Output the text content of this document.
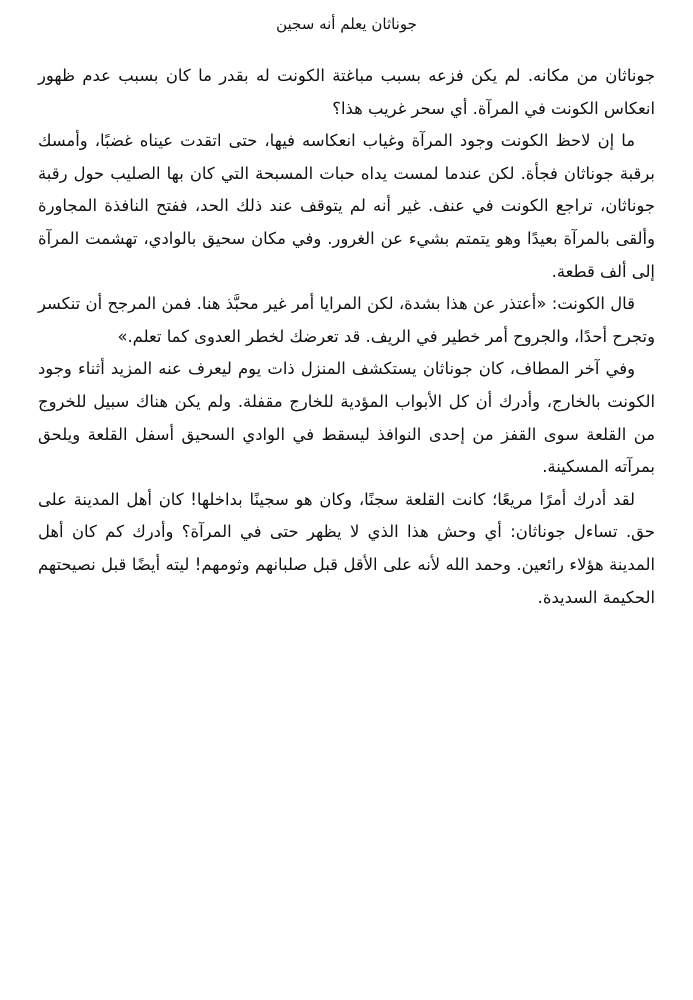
جوناثان يعلم أنه سجين

جوناثان من مكانه. لم يكن فزعه بسبب مباغتة الكونت له بقدر ما كان بسبب عدم ظهور انعكاس الكونت في المرآة. أي سحر غريب هذا؟

ما إن لاحظ الكونت وجود المرآة وغياب انعكاسه فيها، حتى اتقدت عيناه غضبًا، وأمسك برقبة جوناثان فجأة. لكن عندما لمست يداه حبات المسبحة التي كان بها الصليب حول رقبة جوناثان، تراجع الكونت في عنف. غير أنه لم يتوقف عند ذلك الحد، ففتح النافذة المجاورة وألقى بالمرآة بعيدًا وهو يتمتم بشيء عن الغرور. وفي مكان سحيق بالوادي، تهشمت المرآة إلى ألف قطعة.

قال الكونت: «أعتذر عن هذا بشدة، لكن المرايا أمر غير محبَّذ هنا. فمن المرجح أن تنكسر وتجرح أحدًا، والجروح أمر خطير في الريف. قد تعرضك لخطر العدوى كما تعلم.»

وفي آخر المطاف، كان جوناثان يستكشف المنزل ذات يوم ليعرف عنه المزيد أثناء وجود الكونت بالخارج، وأدرك أن كل الأبواب المؤدية للخارج مقفلة. ولم يكن هناك سبيل للخروج من القلعة سوى القفز من إحدى النوافذ ليسقط في الوادي السحيق أسفل القلعة ويلحق بمرآته المسكينة.

لقد أدرك أمرًا مريعًا؛ كانت القلعة سجنًا، وكان هو سجينًا بداخلها! كان أهل المدينة على حق. تساءل جوناثان: أي وحش هذا الذي لا يظهر حتى في المرآة؟ وأدرك كم كان أهل المدينة هؤلاء رائعين. وحمد الله لأنه على الأقل قبل صلبانهم وثومهم! ليته أيضًا قبل نصيحتهم الحكيمة السديدة.
